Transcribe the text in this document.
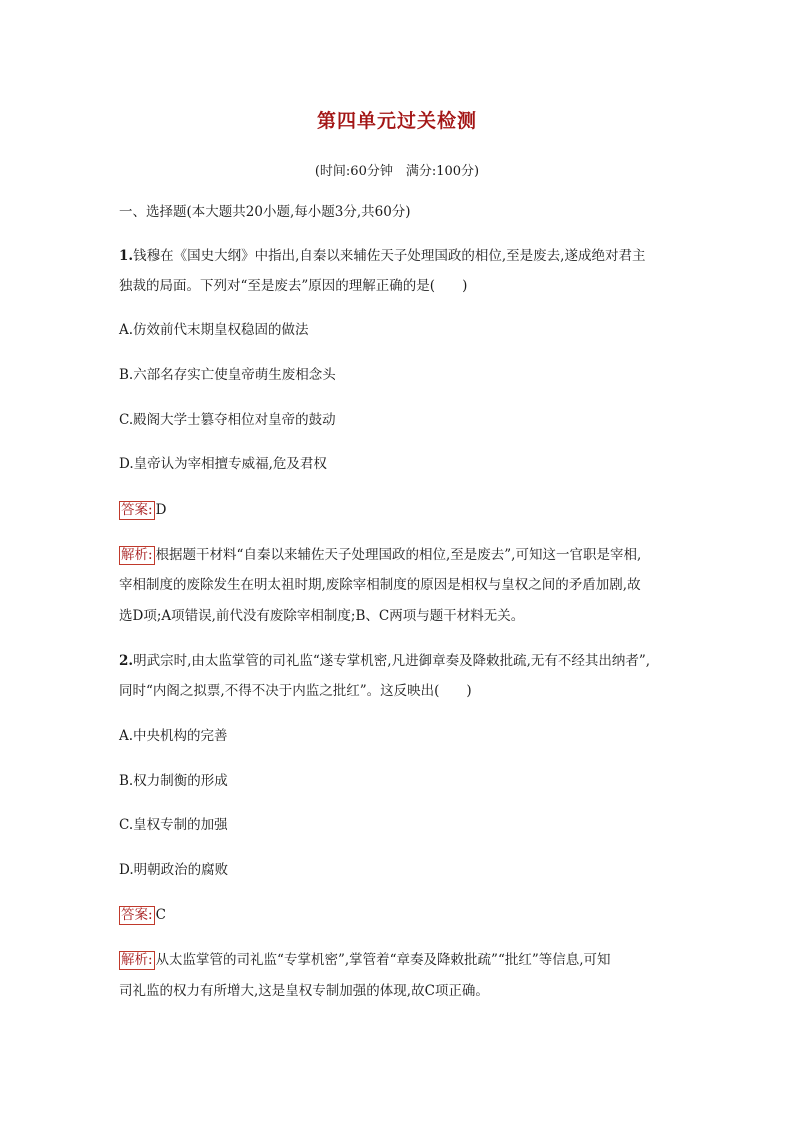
第四单元过关检测
(时间:60分钟　满分:100分)
一、选择题(本大题共20小题,每小题3分,共60分)
1.钱穆在《国史大纲》中指出,自秦以来辅佐天子处理国政的相位,至是废去,遂成绝对君主
独裁的局面。下列对“至是废去”原因的理解正确的是(　　)
A.仿效前代末期皇权稳固的做法
B.六部名存实亡使皇帝萌生废相念头
C.殿阁大学士篡夺相位对皇帝的鼓动
D.皇帝认为宰相擅专威福,危及君权
答案: D
解析: 根据题干材料“自秦以来辅佐天子处理国政的相位,至是废去”,可知这一官职是宰相,
宰相制度的废除发生在明太祖时期,废除宰相制度的原因是相权与皇权之间的矛盾加剧,故
选D项;A项错误,前代没有废除宰相制度;B、C两项与题干材料无关。
2.明武宗时,由太监掌管的司礼监“遂专掌机密,凡进御章奏及降敕批疏,无有不经其出纳者”,
同时“内阁之拟票,不得不决于内监之批红”。这反映出(　　)
A.中央机构的完善
B.权力制衡的形成
C.皇权专制的加强
D.明朝政治的腐败
答案: C
解析: 从太监掌管的司礼监“专掌机密”,掌管着“章奏及降敕批疏”“批红”等信息,可知
司礼监的权力有所增大,这是皇权专制加强的体现,故C项正确。
